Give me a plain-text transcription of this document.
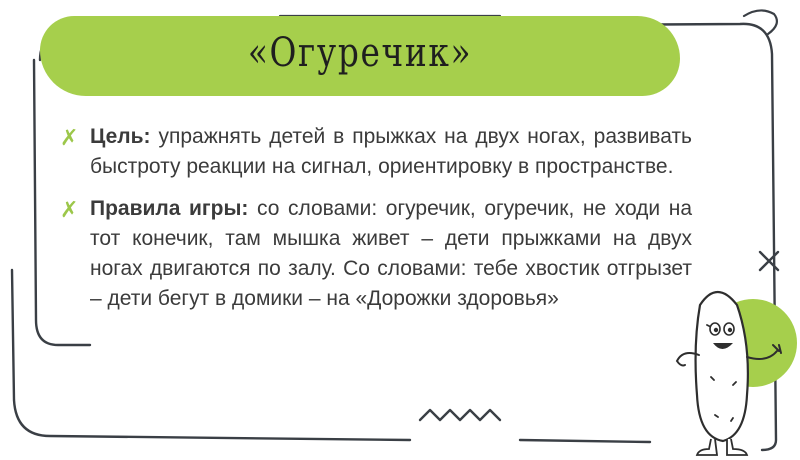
«Огуречик»
✗ Цель: упражнять детей в прыжках на двух ногах, развивать быстроту реакции на сигнал, ориентировку в пространстве.
✗ Правила игры: со словами: огуречик, огуречик, не ходи на тот конечик, там мышка живет – дети прыжками на двух ногах двигаются по залу. Со словами: тебе хвостик отгрызет – дети бегут в домики – на «Дорожки здоровья»
